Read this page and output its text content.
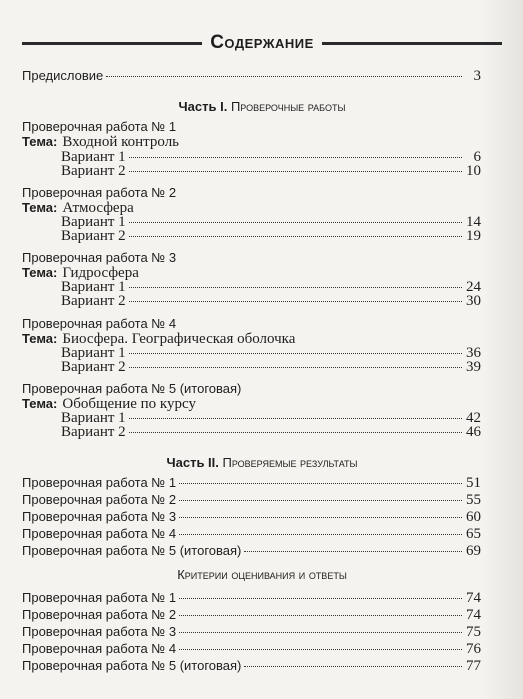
Содержание
Предисловие	3
Часть I. Проверочные работы
Проверочная работа № 1
Тема: Входной контроль
Вариант 1	6
Вариант 2	10
Проверочная работа № 2
Тема: Атмосфера
Вариант 1	14
Вариант 2	19
Проверочная работа № 3
Тема: Гидросфера
Вариант 1	24
Вариант 2	30
Проверочная работа № 4
Тема: Биосфера. Географическая оболочка
Вариант 1	36
Вариант 2	39
Проверочная работа № 5 (итоговая)
Тема: Обобщение по курсу
Вариант 1	42
Вариант 2	46
Часть II. Проверяемые результаты
Проверочная работа № 1	51
Проверочная работа № 2	55
Проверочная работа № 3	60
Проверочная работа № 4	65
Проверочная работа № 5 (итоговая)	69
Критерии оценивания и ответы
Проверочная работа № 1	74
Проверочная работа № 2	74
Проверочная работа № 3	75
Проверочная работа № 4	76
Проверочная работа № 5 (итоговая)	77
